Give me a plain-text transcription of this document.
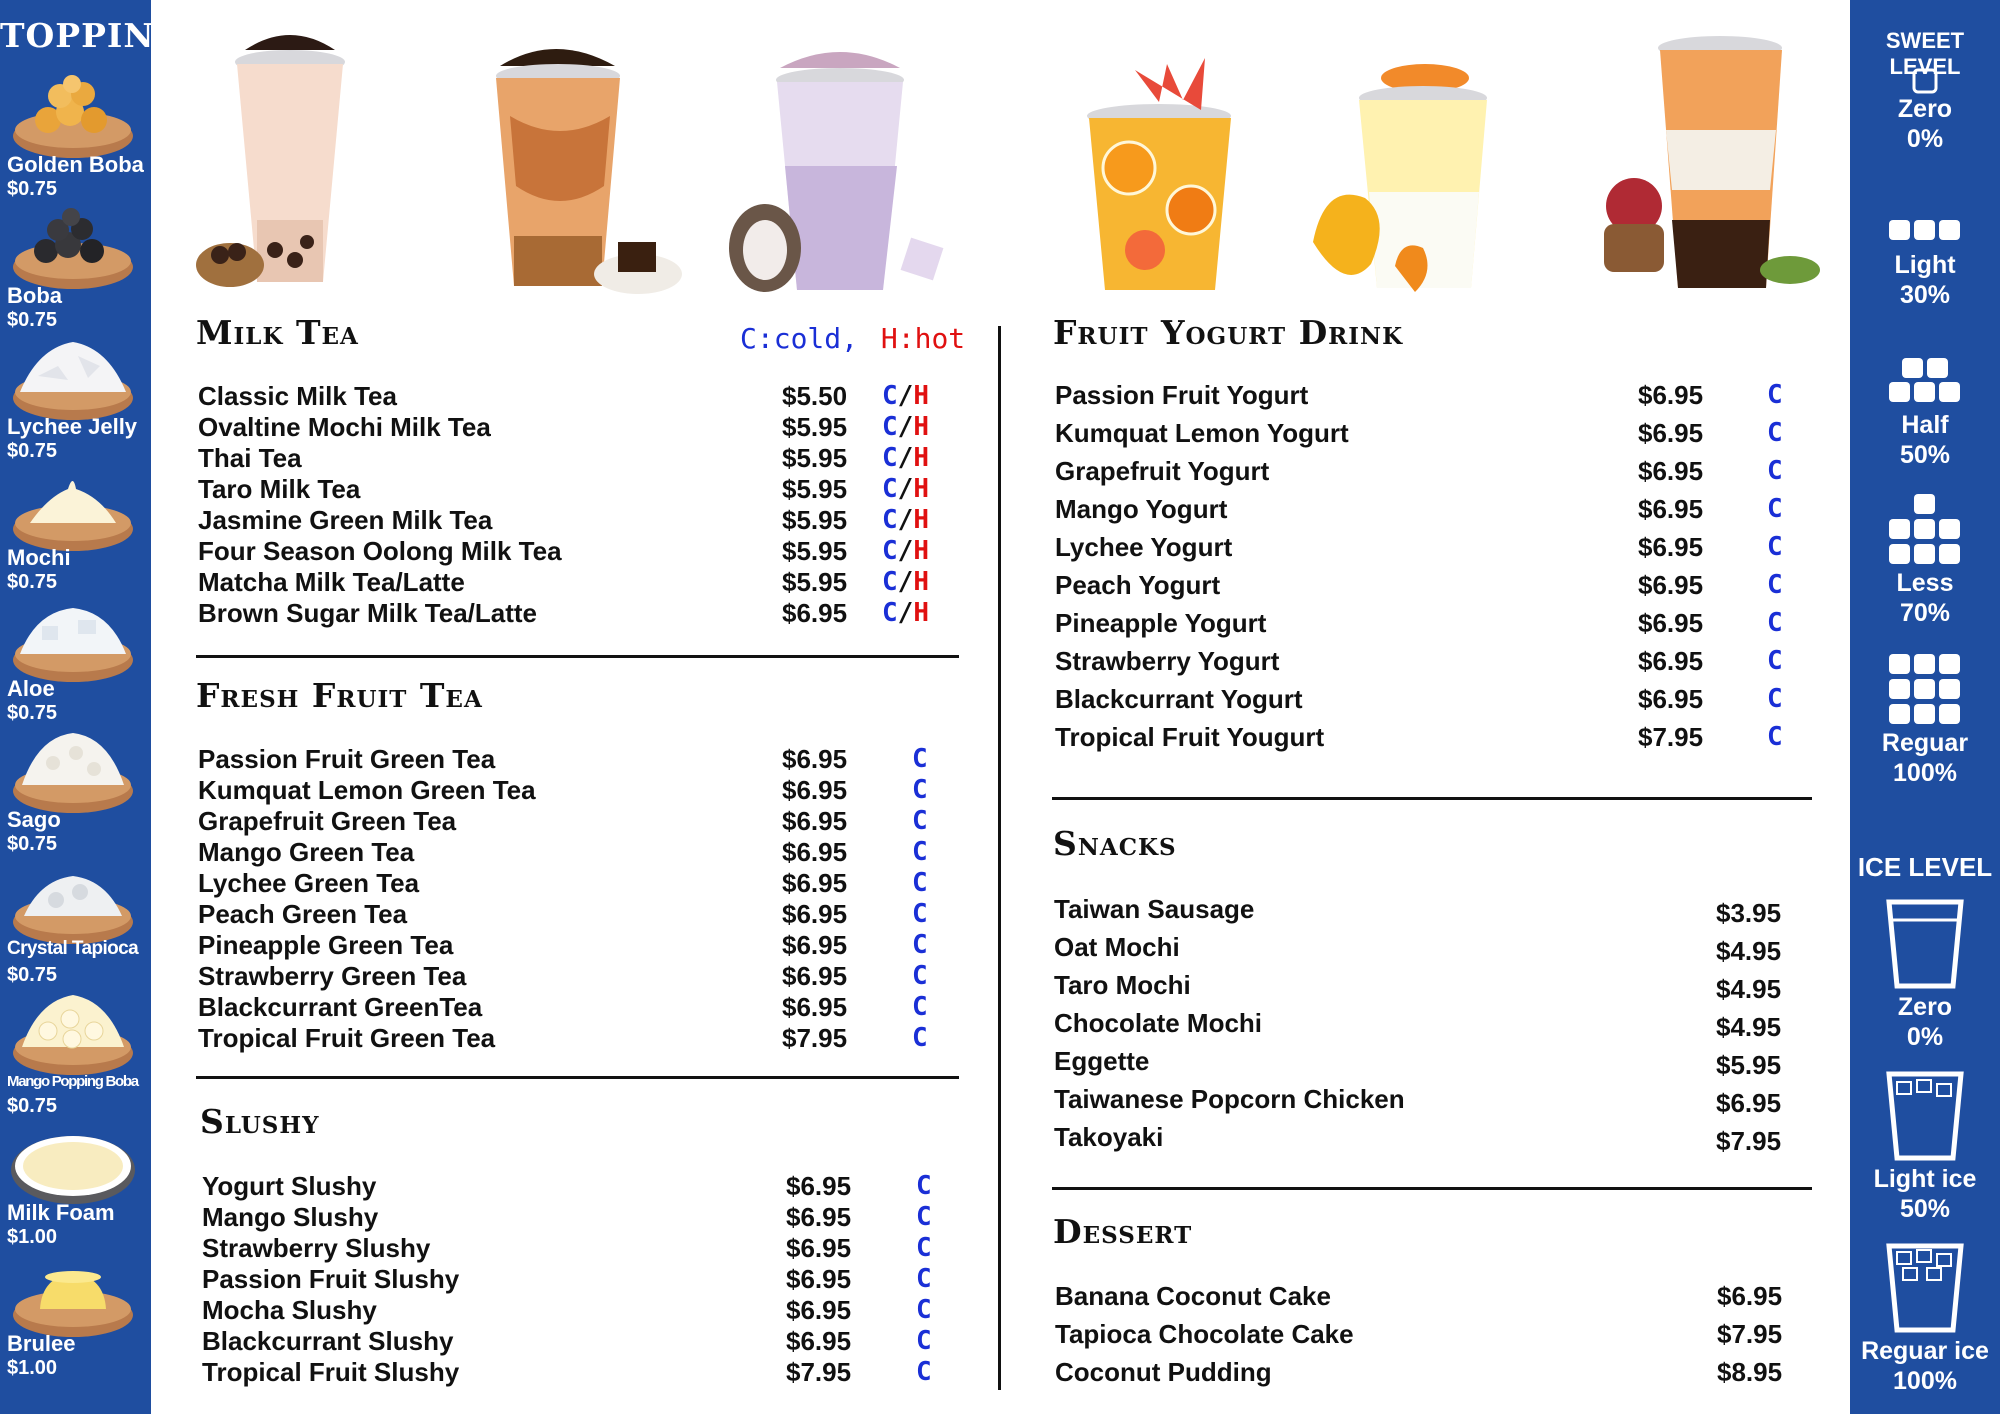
TOPPING
Golden Boba
$0.75
Boba
$0.75
Lychee Jelly
$0.75
Mochi
$0.75
Aloe
$0.75
Sago
$0.75
Crystal Tapioca
$0.75
Mango Popping Boba
$0.75
Milk Foam
$1.00
Brulee
$1.00
Milk Tea	C:cold, H:hot
Classic Milk Tea	$5.50 C/H
Ovaltine Mochi Milk Tea	$5.95 C/H
Thai Tea	$5.95 C/H
Taro Milk Tea	$5.95 C/H
Jasmine Green Milk Tea	$5.95 C/H
Four Season Oolong Milk Tea	$5.95 C/H
Matcha Milk Tea/Latte	$5.95 C/H
Brown Sugar Milk Tea/Latte	$6.95 C/H
Fresh Fruit Tea
Passion Fruit Green Tea	$6.95 C
Kumquat Lemon Green Tea	$6.95 C
Grapefruit Green Tea	$6.95 C
Mango Green Tea	$6.95 C
Lychee Green Tea	$6.95 C
Peach Green Tea	$6.95 C
Pineapple Green Tea	$6.95 C
Strawberry Green Tea	$6.95 C
Blackcurrant GreenTea	$6.95 C
Tropical Fruit Green Tea	$7.95 C
Slushy
Yogurt Slushy	$6.95 C
Mango Slushy	$6.95 C
Strawberry Slushy	$6.95 C
Passion Fruit Slushy	$6.95 C
Mocha Slushy	$6.95 C
Blackcurrant Slushy	$6.95 C
Tropical Fruit Slushy	$7.95 C
Fruit Yogurt Drink
Passion Fruit Yogurt	$6.95 C
Kumquat Lemon Yogurt	$6.95 C
Grapefruit Yogurt	$6.95 C
Mango Yogurt	$6.95 C
Lychee Yogurt	$6.95 C
Peach Yogurt	$6.95 C
Pineapple Yogurt	$6.95 C
Strawberry Yogurt	$6.95 C
Blackcurrant Yogurt	$6.95 C
Tropical Fruit Yougurt	$7.95 C
Snacks
Taiwan Sausage	$3.95
Oat Mochi	$4.95
Taro Mochi	$4.95
Chocolate Mochi	$4.95
Eggette	$5.95
Taiwanese Popcorn Chicken	$6.95
Takoyaki	$7.95
Dessert
Banana Coconut Cake	$6.95
Tapioca Chocolate Cake	$7.95
Coconut Pudding	$8.95
SWEET LEVEL
Zero
0%
Light
30%
Half
50%
Less
70%
Reguar
100%
ICE LEVEL
Zero
0%
Light ice
50%
Reguar ice
100%
